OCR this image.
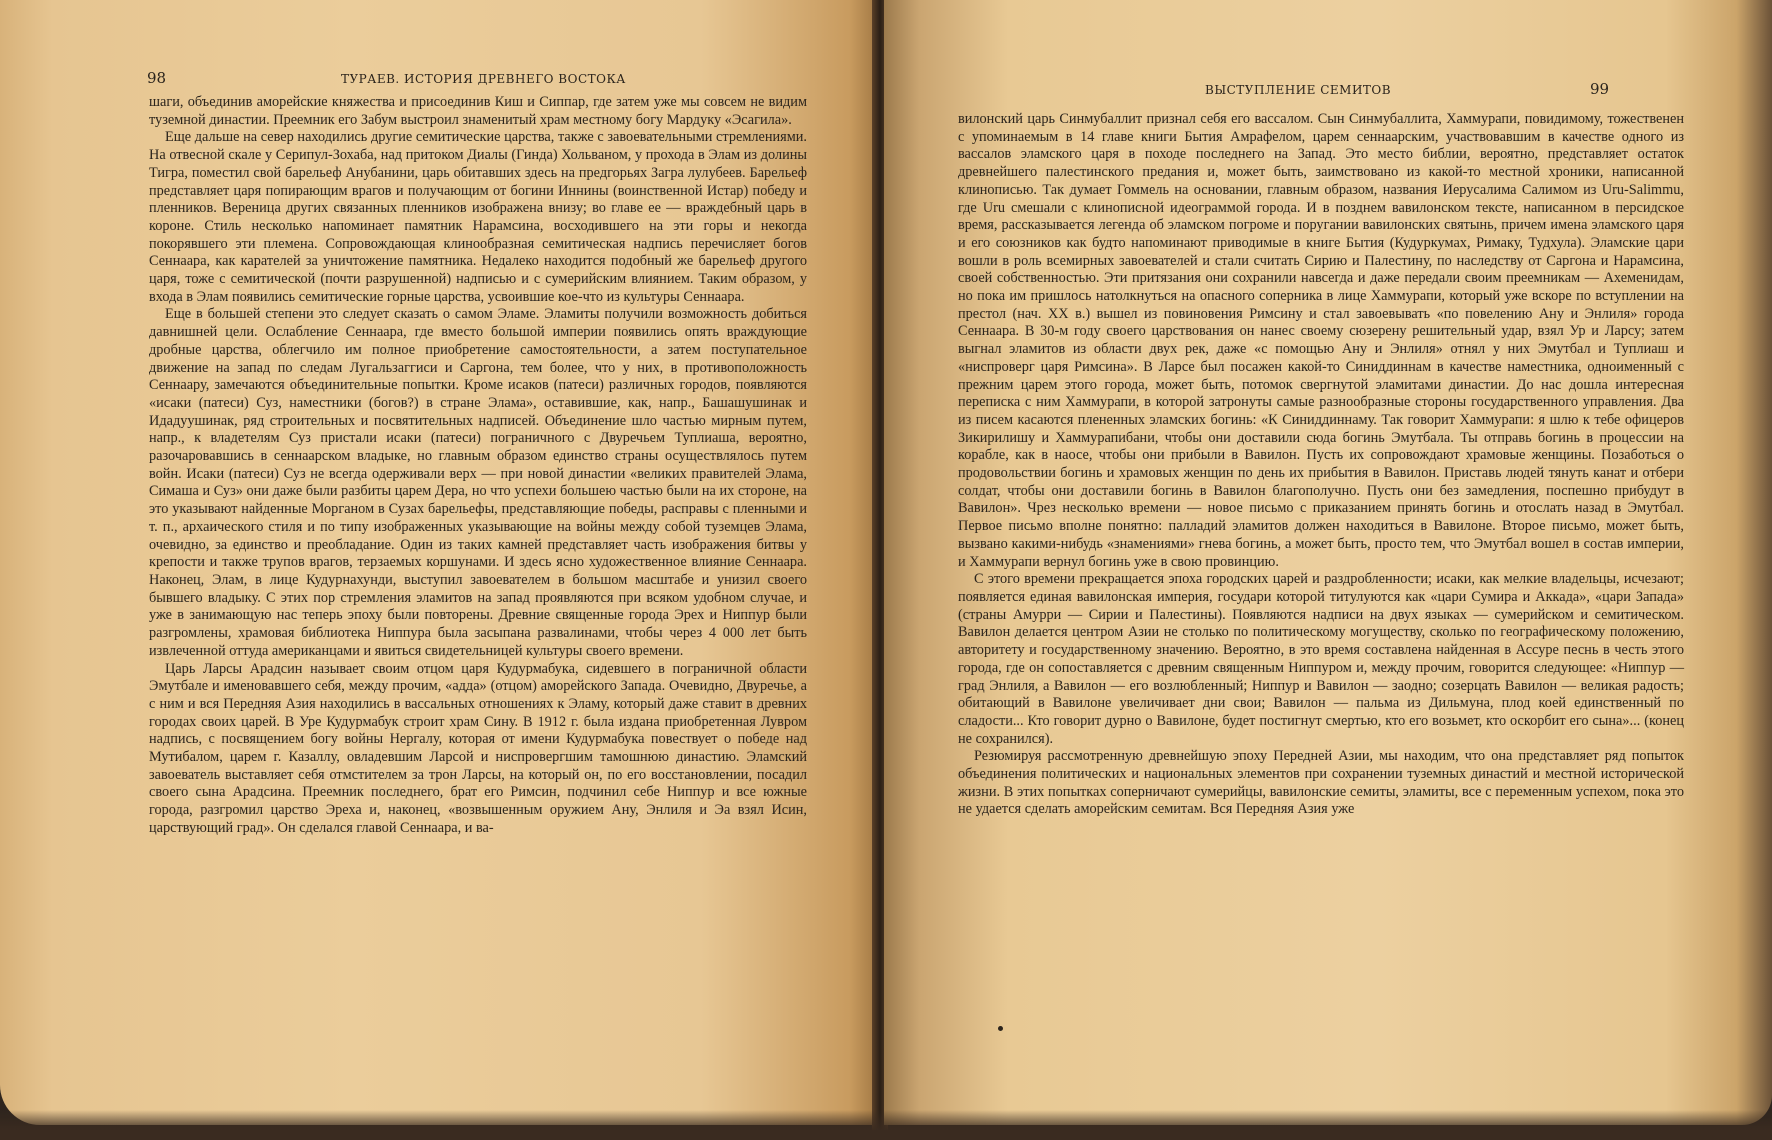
98	ТУРАЕВ. ИСТОРИЯ ДРЕВНЕГО ВОСТОКА

шаги, объединив аморейские княжества и присоединив Киш и Сиппар, где затем уже мы совсем не видим туземной династии. Преемник его Забум выстроил знаменитый храм местному богу Мардуку «Эсагила».

Еще дальше на север находились другие семитические царства, также с завоевательными стремлениями. На отвесной скале у Серипул-Зохаба, над притоком Диалы (Гинда) Хольваном, у прохода в Элам из долины Тигра, поместил свой барельеф Анубанини, царь обитавших здесь на предгорьях Загра лулубеев. Барельеф представляет царя попирающим врагов и получающим от богини Иннины (воинственной Истар) победу и пленников. Вереница других связанных пленников изображена внизу; во главе ее — враждебный царь в короне. Стиль несколько напоминает памятник Нарамсина, восходившего на эти горы и некогда покорявшего эти племена. Сопровождающая клинообразная семитическая надпись перечисляет богов Сеннаара, как карателей за уничтожение памятника. Недалеко находится подобный же барельеф другого царя, тоже с семитической (почти разрушенной) надписью и с сумерийским влиянием. Таким образом, у входа в Элам появились семитические горные царства, усвоившие кое-что из культуры Сеннаара.

Еще в большей степени это следует сказать о самом Эламе. Эламиты получили возможность добиться давнишней цели. Ослабление Сеннаара, где вместо большой империи появились опять враждующие дробные царства, облегчило им полное приобретение самостоятельности, а затем поступательное движение на запад по следам Лугальзаггиси и Саргона, тем более, что у них, в противоположность Сеннаару, замечаются объединительные попытки. Кроме исаков (патеси) различных городов, появляются «исаки (патеси) Суз, наместники (богов?) в стране Элама», оставившие, как, напр., Башашушинак и Идадуушинак, ряд строительных и посвятительных надписей. Объединение шло частью мирным путем, напр., к владетелям Суз пристали исаки (патеси) пограничного с Двуречьем Туплиаша, вероятно, разочаровавшись в сеннаарском владыке, но главным образом единство страны осуществлялось путем войн. Исаки (патеси) Суз не всегда одерживали верх — при новой династии «великих правителей Элама, Симаша и Суз» они даже были разбиты царем Дера, но что успехи большею частью были на их стороне, на это указывают найденные Морганом в Сузах барельефы, представляющие победы, расправы с пленными и т. п., архаического стиля и по типу изображенных указывающие на войны между собой туземцев Элама, очевидно, за единство и преобладание. Один из таких камней представляет часть изображения битвы у крепости и также трупов врагов, терзаемых коршунами. И здесь ясно художественное влияние Сеннаара. Наконец, Элам, в лице Кудурнахунди, выступил завоевателем в большом масштабе и унизил своего бывшего владыку. С этих пор стремления эламитов на запад проявляются при всяком удобном случае, и уже в занимающую нас теперь эпоху были повторены. Древние священные города Эрех и Ниппур были разгромлены, храмовая библиотека Ниппура была засыпана развалинами, чтобы через 4 000 лет быть извлеченной оттуда американцами и явиться свидетельницей культуры своего времени.

Царь Ларсы Арадсин называет своим отцом царя Кудурмабука, сидевшего в пограничной области Эмутбале и именовавшего себя, между прочим, «адда» (отцом) аморейского Запада. Очевидно, Двуречье, а с ним и вся Передняя Азия находились в вассальных отношениях к Эламу, который даже ставит в древних городах своих царей. В Уре Кудурмабук строит храм Сину. В 1912 г. была издана приобретенная Лувром надпись, с посвящением богу войны Нергалу, которая от имени Кудурмабука повествует о победе над Мутибалом, царем г. Казаллу, овладевшим Ларсой и ниспровергшим тамошнюю династию. Эламский завоеватель выставляет себя отмстителем за трон Ларсы, на который он, по его восстановлении, посадил своего сына Арадсина. Преемник последнего, брат его Римсин, подчинил себе Ниппур и все южные города, разгромил царство Эреха и, наконец, «возвышенным оружием Ану, Энлиля и Эа взял Исин, царствующий град». Он сделался главой Сеннаара, и ва-

ВЫСТУПЛЕНИЕ СЕМИТОВ	99

вилонский царь Синмубаллит признал себя его вассалом. Сын Синмубаллита, Хаммурапи, повидимому, тожественен с упоминаемым в 14 главе книги Бытия Амрафелом, царем сеннаарским, участвовавшим в качестве одного из вассалов эламского царя в походе последнего на Запад. Это место библии, вероятно, представляет остаток древнейшего палестинского предания и, может быть, заимствовано из какой-то местной хроники, написанной клинописью. Так думает Гоммель на основании, главным образом, названия Иерусалима Салимом из Uru-Salimmu, где Uru смешали с клинописной идеограммой города. И в позднем вавилонском тексте, написанном в персидское время, рассказывается легенда об эламском погроме и поругании вавилонских святынь, причем имена эламского царя и его союзников как будто напоминают приводимые в книге Бытия (Кудуркумах, Римаку, Тудхула). Эламские цари вошли в роль всемирных завоевателей и стали считать Сирию и Палестину, по наследству от Саргона и Нарамсина, своей собственностью. Эти притязания они сохранили навсегда и даже передали своим преемникам — Ахеменидам, но пока им пришлось натолкнуться на опасного соперника в лице Хаммурапи, который уже вскоре по вступлении на престол (нач. XX в.) вышел из повиновения Римсину и стал завоевывать «по повелению Ану и Энлиля» города Сеннаара. В 30-м году своего царствования он нанес своему сюзерену решительный удар, взял Ур и Ларсу; затем выгнал эламитов из области двух рек, даже «с помощью Ану и Энлиля» отнял у них Эмутбал и Туплиаш и «ниспроверг царя Римсина». В Ларсе был посажен какой-то Синиддиннам в качестве наместника, одноименный с прежним царем этого города, может быть, потомок свергнутой эламитами династии. До нас дошла интересная переписка с ним Хаммурапи, в которой затронуты самые разнообразные стороны государственного управления. Два из писем касаются плененных эламских богинь: «К Синиддиннаму. Так говорит Хаммурапи: я шлю к тебе офицеров Зикирилишу и Хаммурапибани, чтобы они доставили сюда богинь Эмутбала. Ты отправь богинь в процессии на корабле, как в наосе, чтобы они прибыли в Вавилон. Пусть их сопровождают храмовые женщины. Позаботься о продовольствии богинь и храмовых женщин по день их прибытия в Вавилон. Приставь людей тянуть канат и отбери солдат, чтобы они доставили богинь в Вавилон благополучно. Пусть они без замедления, поспешно прибудут в Вавилон». Чрез несколько времени — новое письмо с приказанием принять богинь и отослать назад в Эмутбал. Первое письмо вполне понятно: палладий эламитов должен находиться в Вавилоне. Второе письмо, может быть, вызвано какими-нибудь «знамениями» гнева богинь, а может быть, просто тем, что Эмутбал вошел в состав империи, и Хаммурапи вернул богинь уже в свою провинцию.

С этого времени прекращается эпоха городских царей и раздробленности; исаки, как мелкие владельцы, исчезают; появляется единая вавилонская империя, государи которой титулуются как «цари Сумира и Аккада», «цари Запада» (страны Амурри — Сирии и Палестины). Появляются надписи на двух языках — сумерийском и семитическом. Вавилон делается центром Азии не столько по политическому могуществу, сколько по географическому положению, авторитету и государственному значению. Вероятно, в это время составлена найденная в Ассуре песнь в честь этого города, где он сопоставляется с древним священным Ниппуром и, между прочим, говорится следующее: «Ниппур — град Энлиля, а Вавилон — его возлюбленный; Ниппур и Вавилон — заодно; созерцать Вавилон — великая радость; обитающий в Вавилоне увеличивает дни свои; Вавилон — пальма из Дильмуна, плод коей единственный по сладости... Кто говорит дурно о Вавилоне, будет постигнут смертью, кто его возьмет, кто оскорбит его сына»... (конец не сохранился).

Резюмируя рассмотренную древнейшую эпоху Передней Азии, мы находим, что она представляет ряд попыток объединения политических и национальных элементов при сохранении туземных династий и местной исторической жизни. В этих попытках соперничают сумерийцы, вавилонские семиты, эламиты, все с переменным успехом, пока это не удается сделать аморейским семитам. Вся Передняя Азия уже
